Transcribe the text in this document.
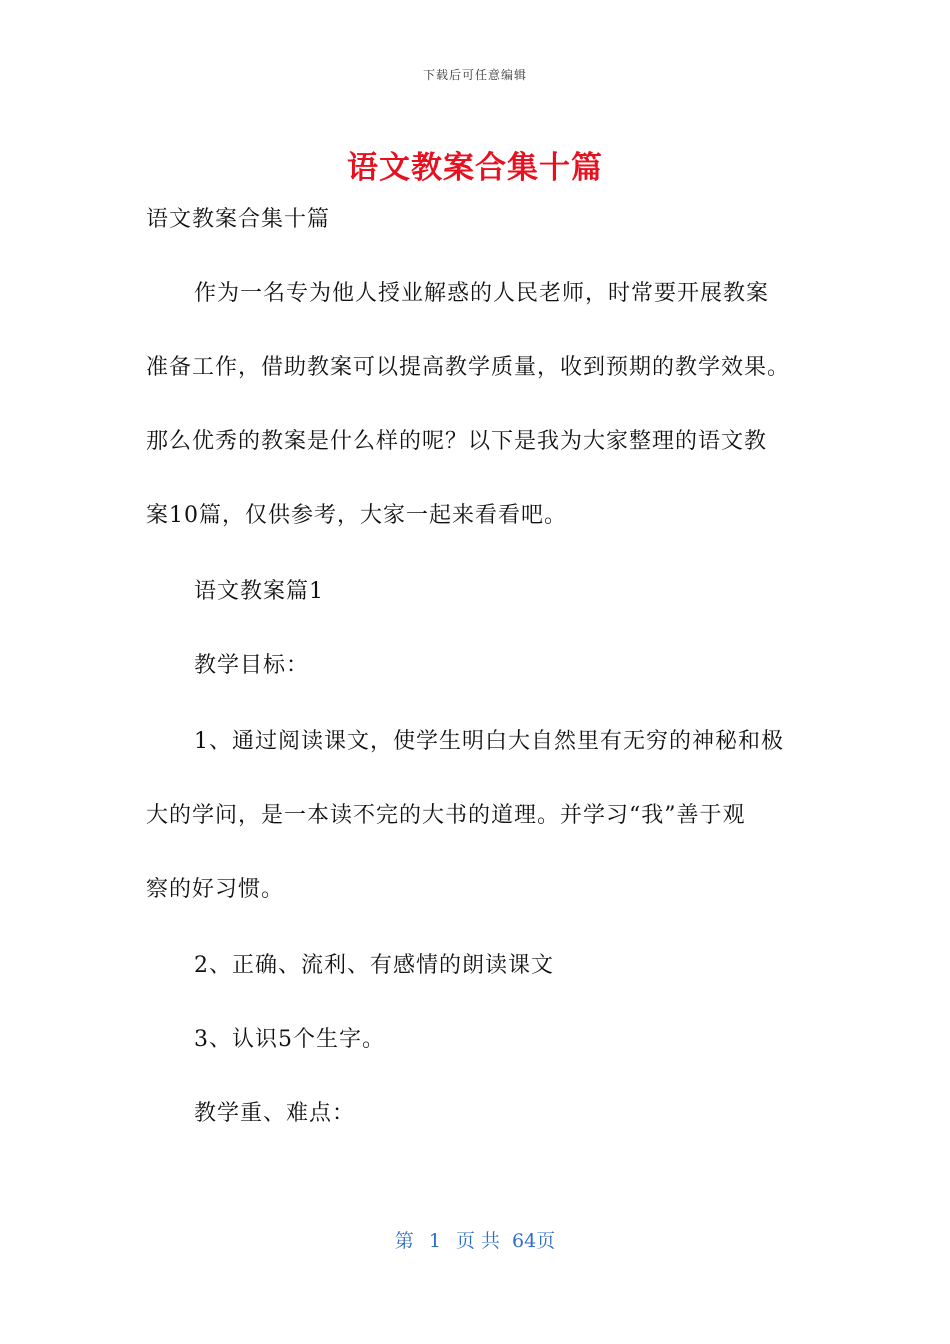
下载后可任意编辑
语文教案合集十篇
语文教案合集十篇
作为一名专为他人授业解惑的人民老师，时常要开展教案
准备工作，借助教案可以提高教学质量，收到预期的教学效果。
那么优秀的教案是什么样的呢？以下是我为大家整理的语文教
案10篇，仅供参考，大家一起来看看吧。
语文教案篇1
教学目标：
1、通过阅读课文，使学生明白大自然里有无穷的神秘和极
大的学问，是一本读不完的大书的道理。并学习“我”善于观
察的好习惯。
2、正确、流利、有感情的朗读课文
3、认识5个生字。
教学重、难点：
第 1 页 共 64页
